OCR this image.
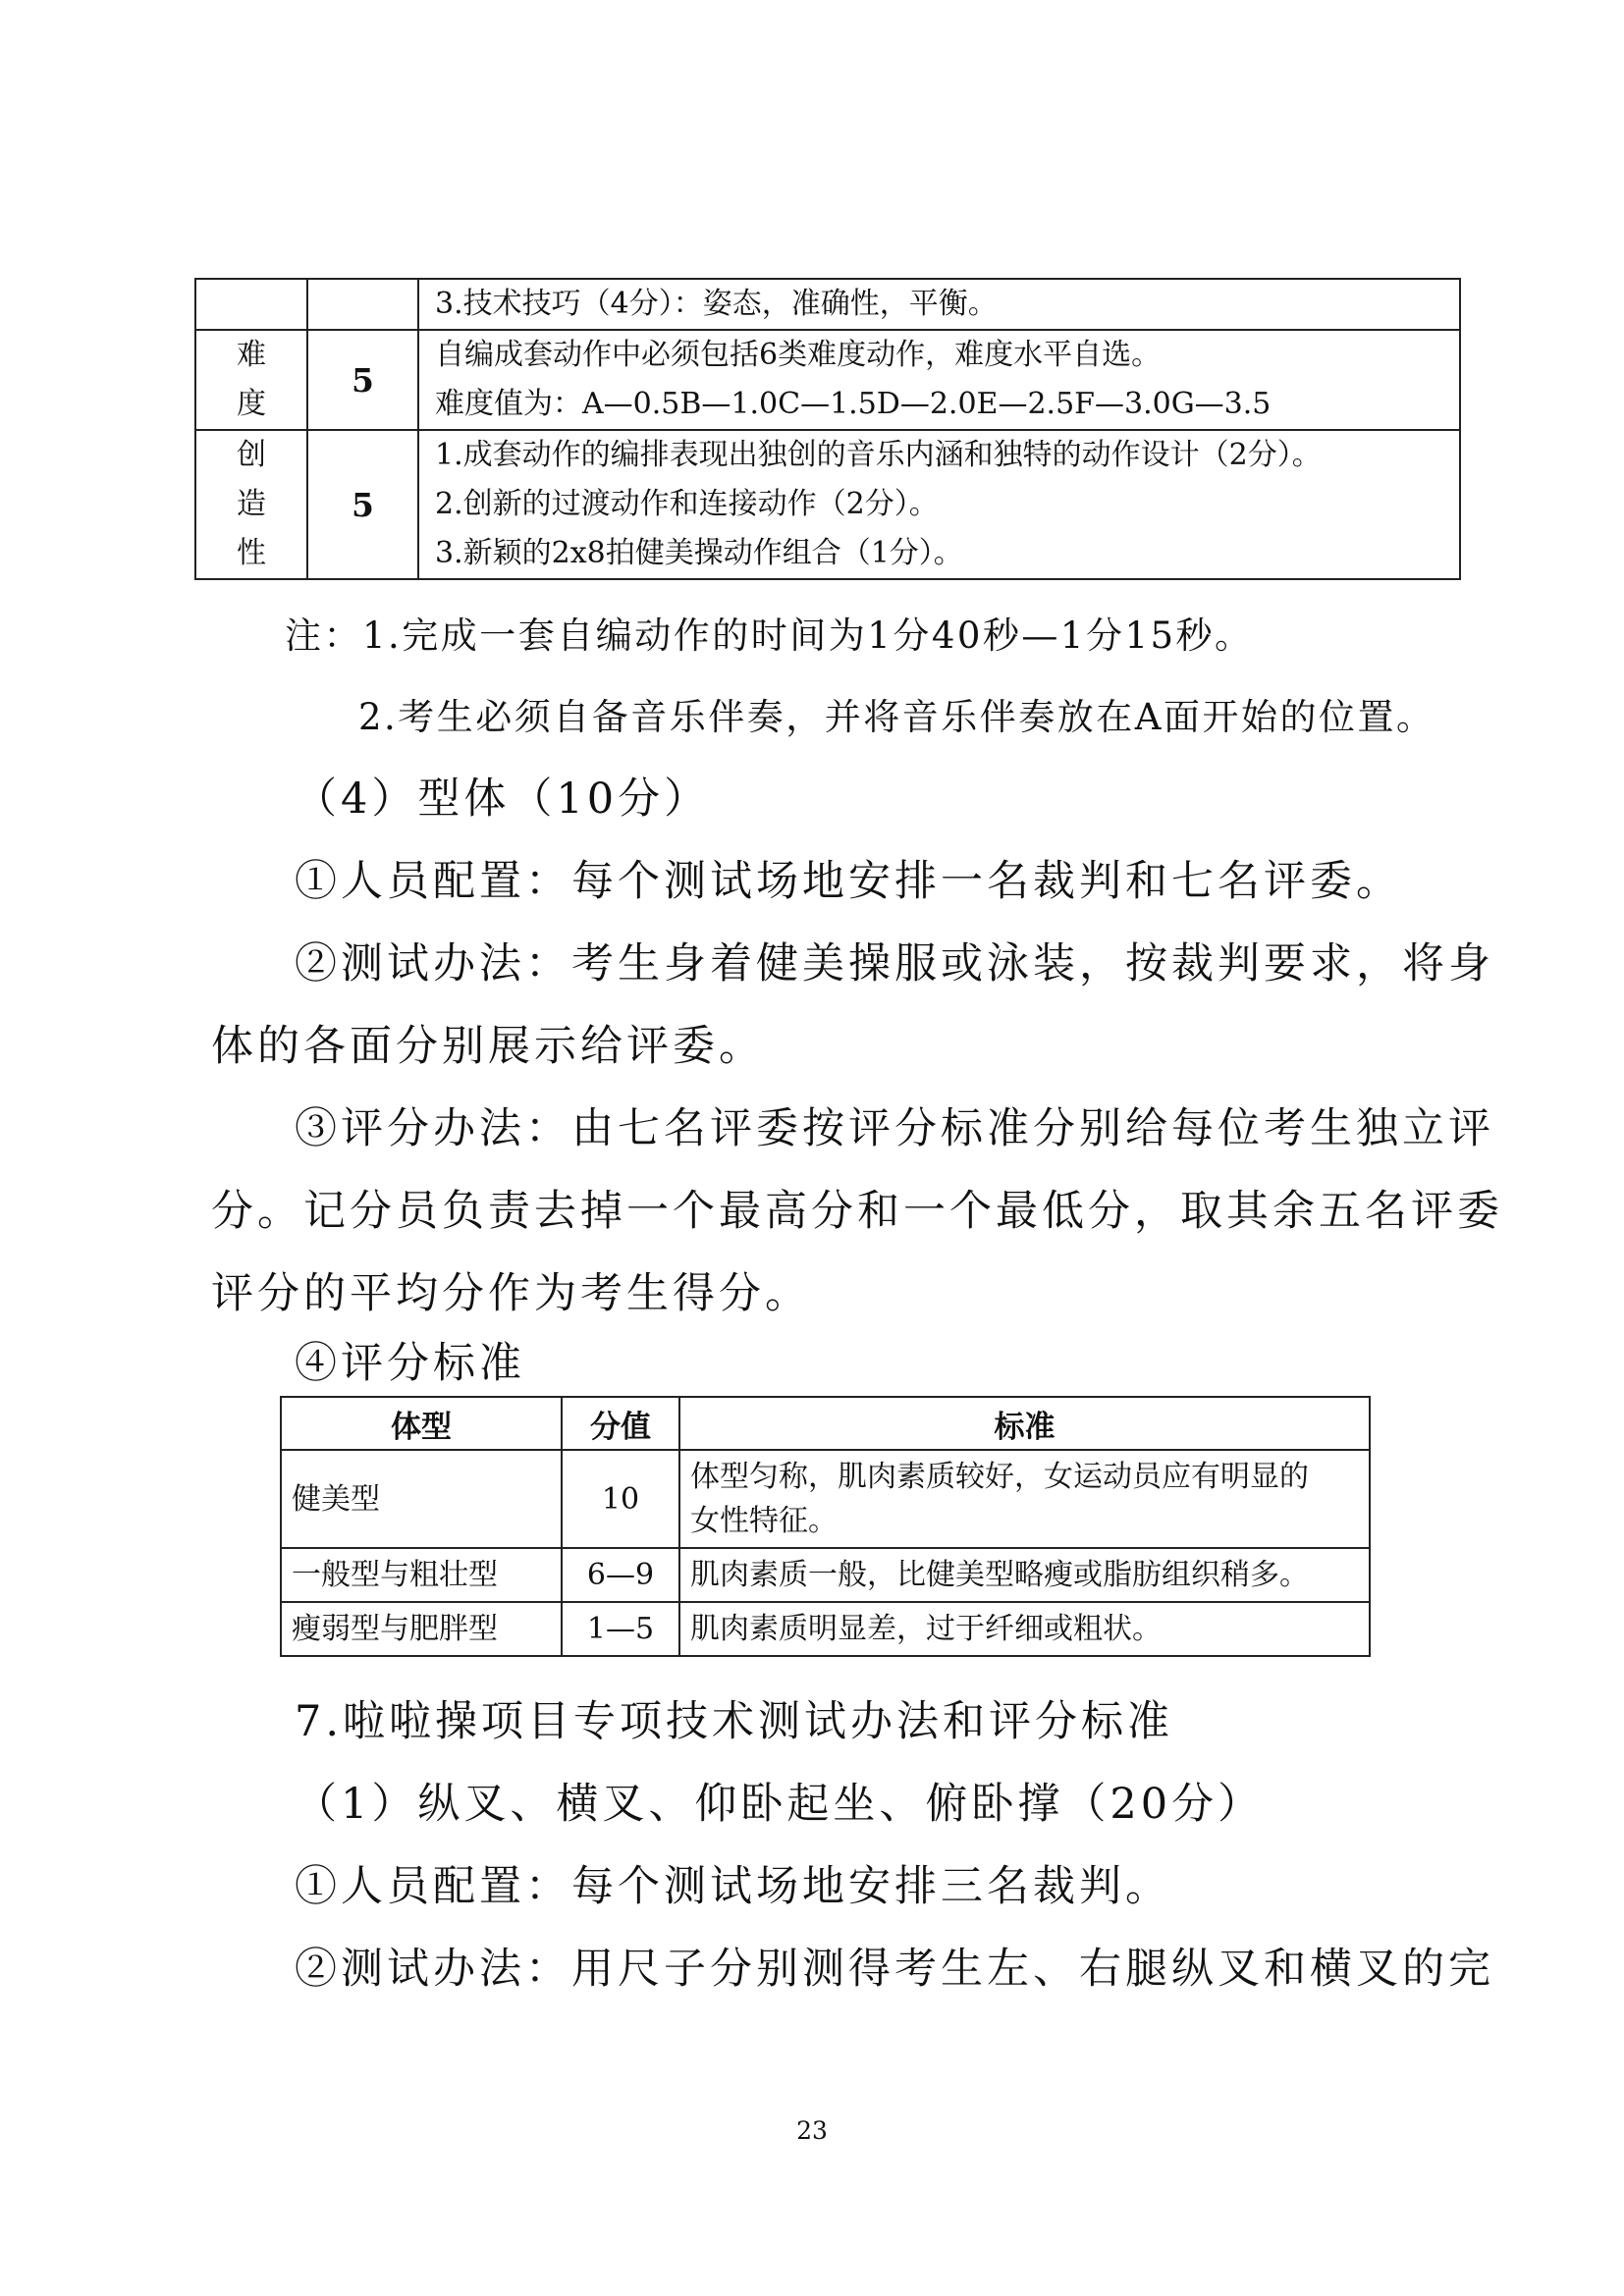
		3.技术技巧（4分）：姿态，准确性，平衡。

难
度	5	自编成套动作中必须包括6类难度动作，难度水平自选。
难度值为：A—0.5B—1.0C—1.5D—2.0E—2.5F—3.0G—3.5

创
造
性	5	1.成套动作的编排表现出独创的音乐内涵和独特的动作设计（2分）。
2.创新的过渡动作和连接动作（2分）。
3.新颖的2x8拍健美操动作组合（1分）。
注：1.完成一套自编动作的时间为1分40秒—1分15秒。
2.考生必须自备音乐伴奏，并将音乐伴奏放在A面开始的位置。
（4）型体（10分）
①人员配置：每个测试场地安排一名裁判和七名评委。
②测试办法：考生身着健美操服或泳装，按裁判要求，将身
体的各面分别展示给评委。
③评分办法：由七名评委按评分标准分别给每位考生独立评
分。记分员负责去掉一个最高分和一个最低分，取其余五名评委
评分的平均分作为考生得分。
④评分标准
体型	分值	标准
健美型	10	体型匀称，肌肉素质较好，女运动员应有明显的
女性特征。

一般型与粗壮型	6—9	肌肉素质一般，比健美型略瘦或脂肪组织稍多。
瘦弱型与肥胖型	1—5	肌肉素质明显差，过于纤细或粗状。
7.啦啦操项目专项技术测试办法和评分标准
（1）纵叉、横叉、仰卧起坐、俯卧撑（20分）
①人员配置：每个测试场地安排三名裁判。
②测试办法：用尺子分别测得考生左、右腿纵叉和横叉的完
23
